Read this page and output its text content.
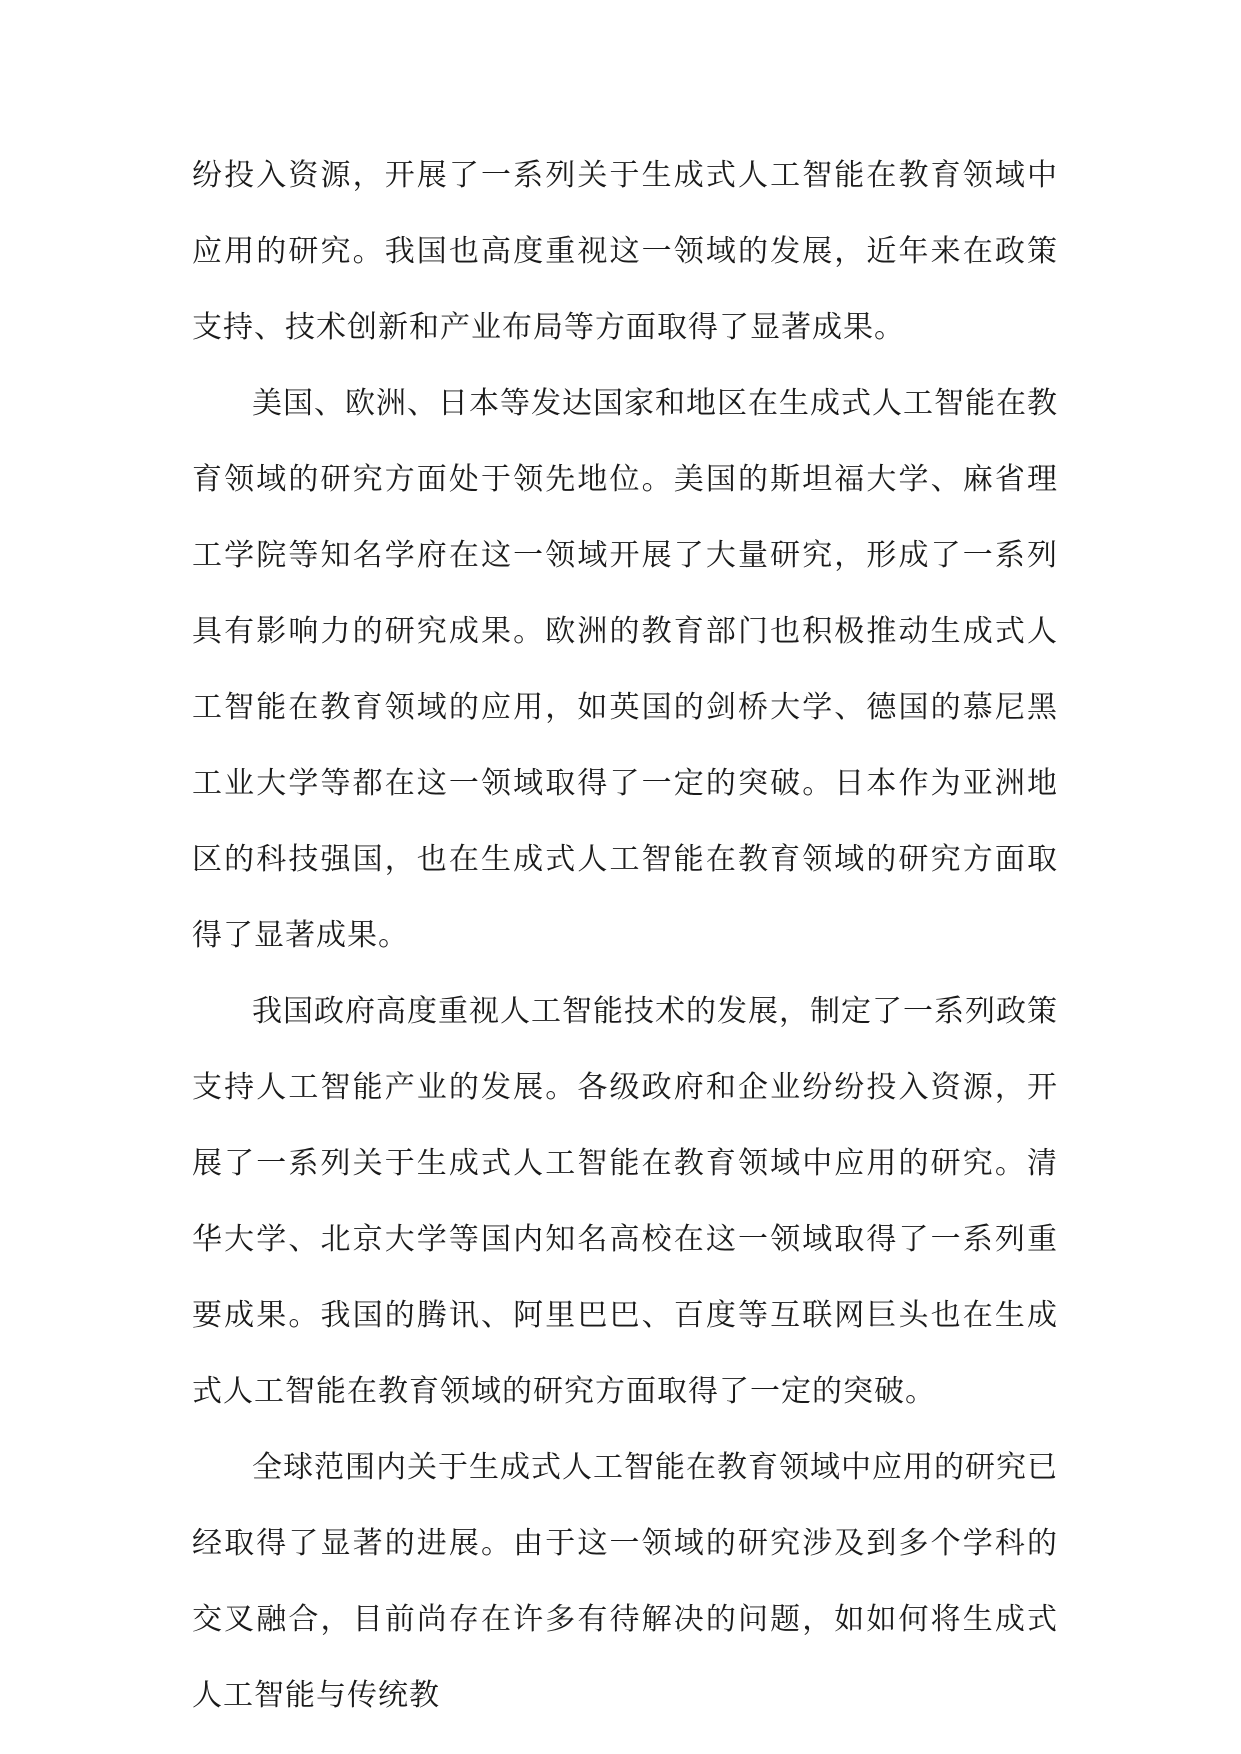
纷投入资源，开展了一系列关于生成式人工智能在教育领域中应用的研究。我国也高度重视这一领域的发展，近年来在政策支持、技术创新和产业布局等方面取得了显著成果。

美国、欧洲、日本等发达国家和地区在生成式人工智能在教育领域的研究方面处于领先地位。美国的斯坦福大学、麻省理工学院等知名学府在这一领域开展了大量研究，形成了一系列具有影响力的研究成果。欧洲的教育部门也积极推动生成式人工智能在教育领域的应用，如英国的剑桥大学、德国的慕尼黑工业大学等都在这一领域取得了一定的突破。日本作为亚洲地区的科技强国，也在生成式人工智能在教育领域的研究方面取得了显著成果。

我国政府高度重视人工智能技术的发展，制定了一系列政策支持人工智能产业的发展。各级政府和企业纷纷投入资源，开展了一系列关于生成式人工智能在教育领域中应用的研究。清华大学、北京大学等国内知名高校在这一领域取得了一系列重要成果。我国的腾讯、阿里巴巴、百度等互联网巨头也在生成式人工智能在教育领域的研究方面取得了一定的突破。

全球范围内关于生成式人工智能在教育领域中应用的研究已经取得了显著的进展。由于这一领域的研究涉及到多个学科的交叉融合，目前尚存在许多有待解决的问题，如如何将生成式人工智能与传统教
